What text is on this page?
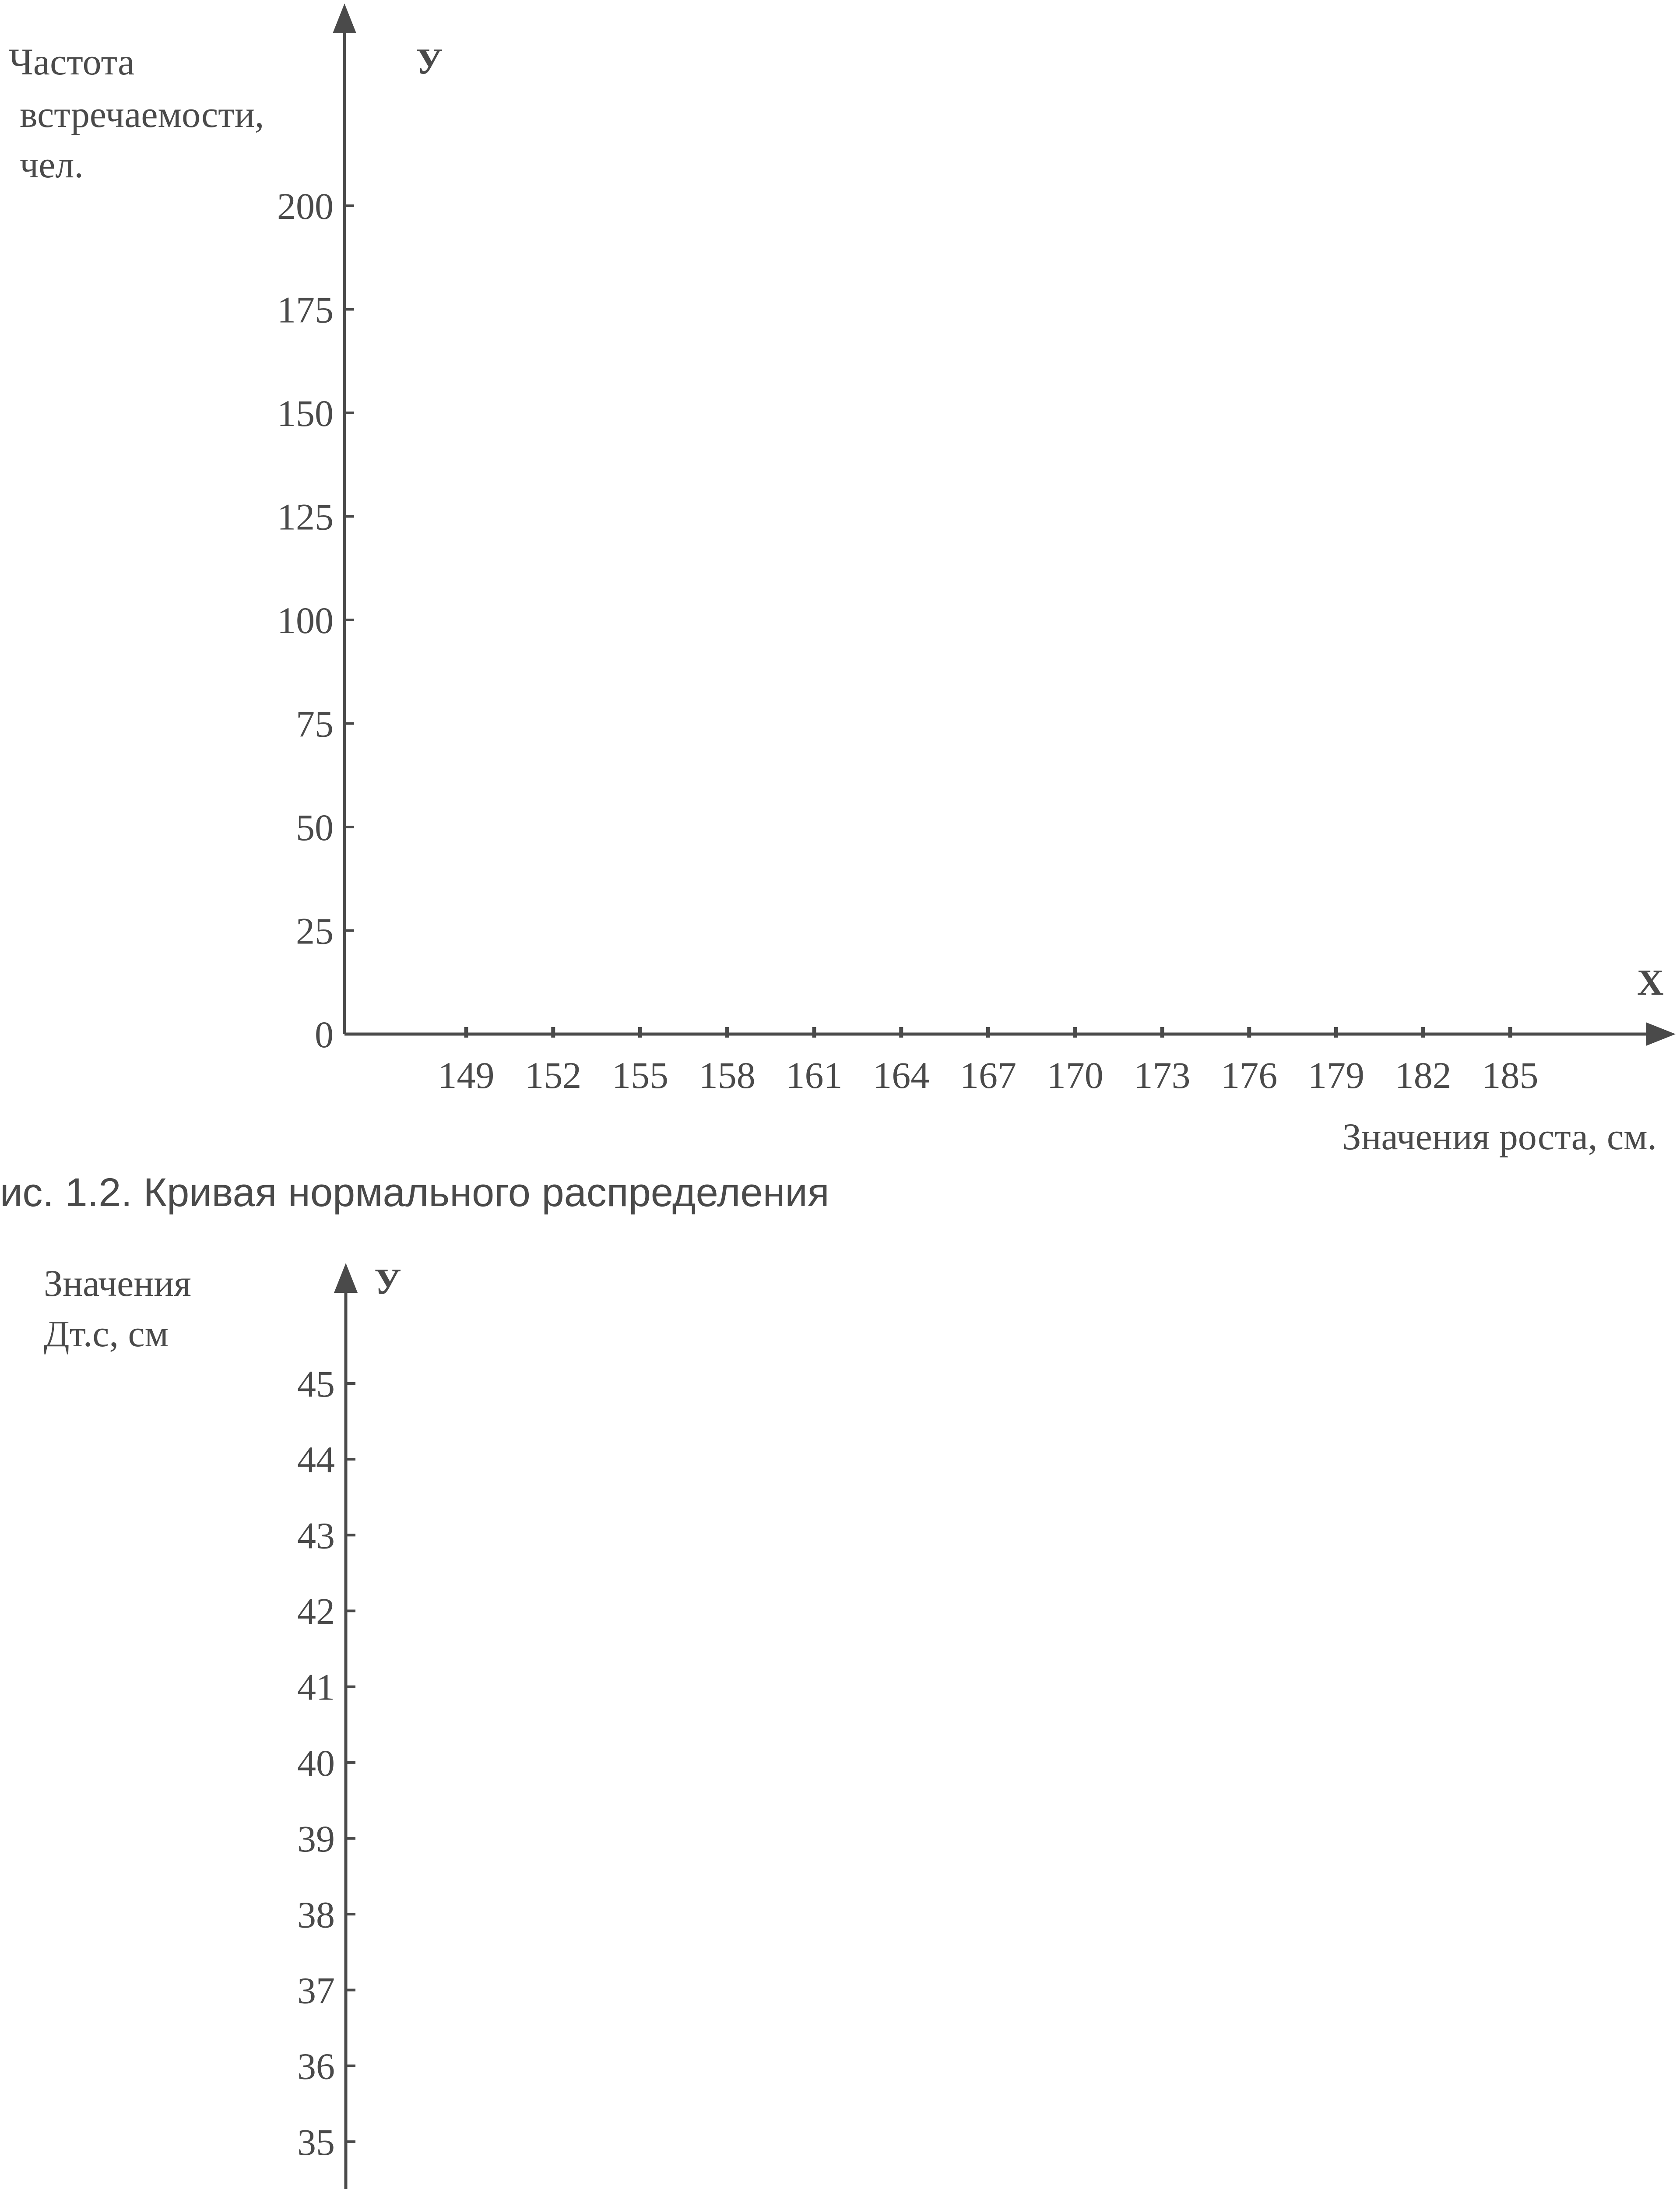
Частота
встречаемости,
чел.
У
X
0
25
50
75
100
125
150
175
200
149 152 155 158 161 164 167 170 173 176 179 182 185
Значения роста, см.
ис. 1.2. Кривая нормального распределения
Значения
Дт.с, см
У
35
36
37
38
39
40
41
42
43
44
45
